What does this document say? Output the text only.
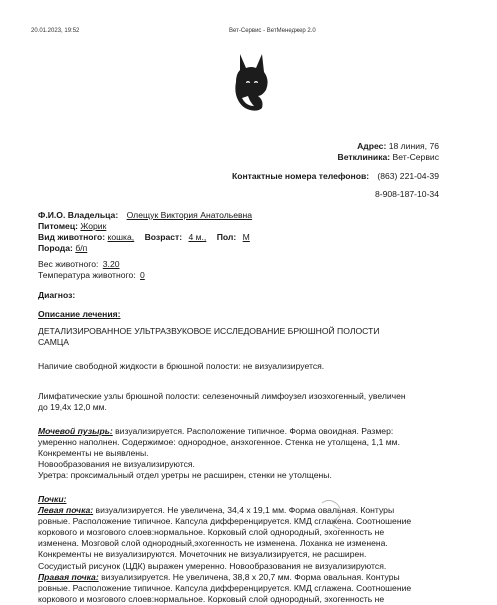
20.01.2023, 19:52	Вет-Сервис - ВетМенеджер 2.0
Адрес: 18 линия, 76
Ветклиника: Вет-Сервис
Контактные номера телефонов: (863) 221-04-39
8-908-187-10-34
Ф.И.О. Владельца: Олещук Виктория Анатольевна
Питомец: Жорик
Вид животного: кошка, Возраст: 4 м., Пол: М
Порода: б/п
Вес животного: 3.20
Температура животного: 0
Диагноз:
Описание лечения:
ДЕТАЛИЗИРОВАННОЕ УЛЬТРАЗВУКОВОЕ ИССЛЕДОВАНИЕ БРЮШНОЙ ПОЛОСТИ
САМЦА
Напичие свободной жидкости в брюшной полости: не визуализируется.
Лимфатические узлы брюшной полости: селезеночный лимфоузел изоэхогенный, увеличен
до 19,4х 12,0 мм.
Мочевой пузырь: визуализируется. Расположение типичное. Форма овоидная. Размер:
умеренно наполнен. Содержимое: однородное, анэхогенное. Стенка не утолщена, 1,1 мм.
Конкременты не выявлены.
Новообразования не визуализируются.
Уретра: проксимальный отдел уретры не расширен, стенки не утолщены.
Почки:
Левая почка: визуализируется. Не увеличена, 34,4 х 19,1 мм. Форма овальная. Контуры
ровные. Расположение типичное. Капсула дифференцируется. КМД сглажена. Соотношение
коркового и мозгового слоев:нормальное. Корковый слой однородный, эхогенность не
изменена. Мозговой слой однородный,эхогенность не изменена. Лоханка не изменена.
Конкременты не визуализируются. Мочеточник не визуализируется, не расширен.
Сосудистый рисунок (ЦДК) выражен умеренно. Новообразования не визуализируются.
Правая почка: визуализируется. Не увеличена, 38,8 х 20,7 мм. Форма овальная. Контуры
ровные. Расположение типичное. Капсула дифференцируется. КМД сглажена. Соотношение
коркового и мозгового слоев:нормальное. Корковый слой однородный, эхогенность не
